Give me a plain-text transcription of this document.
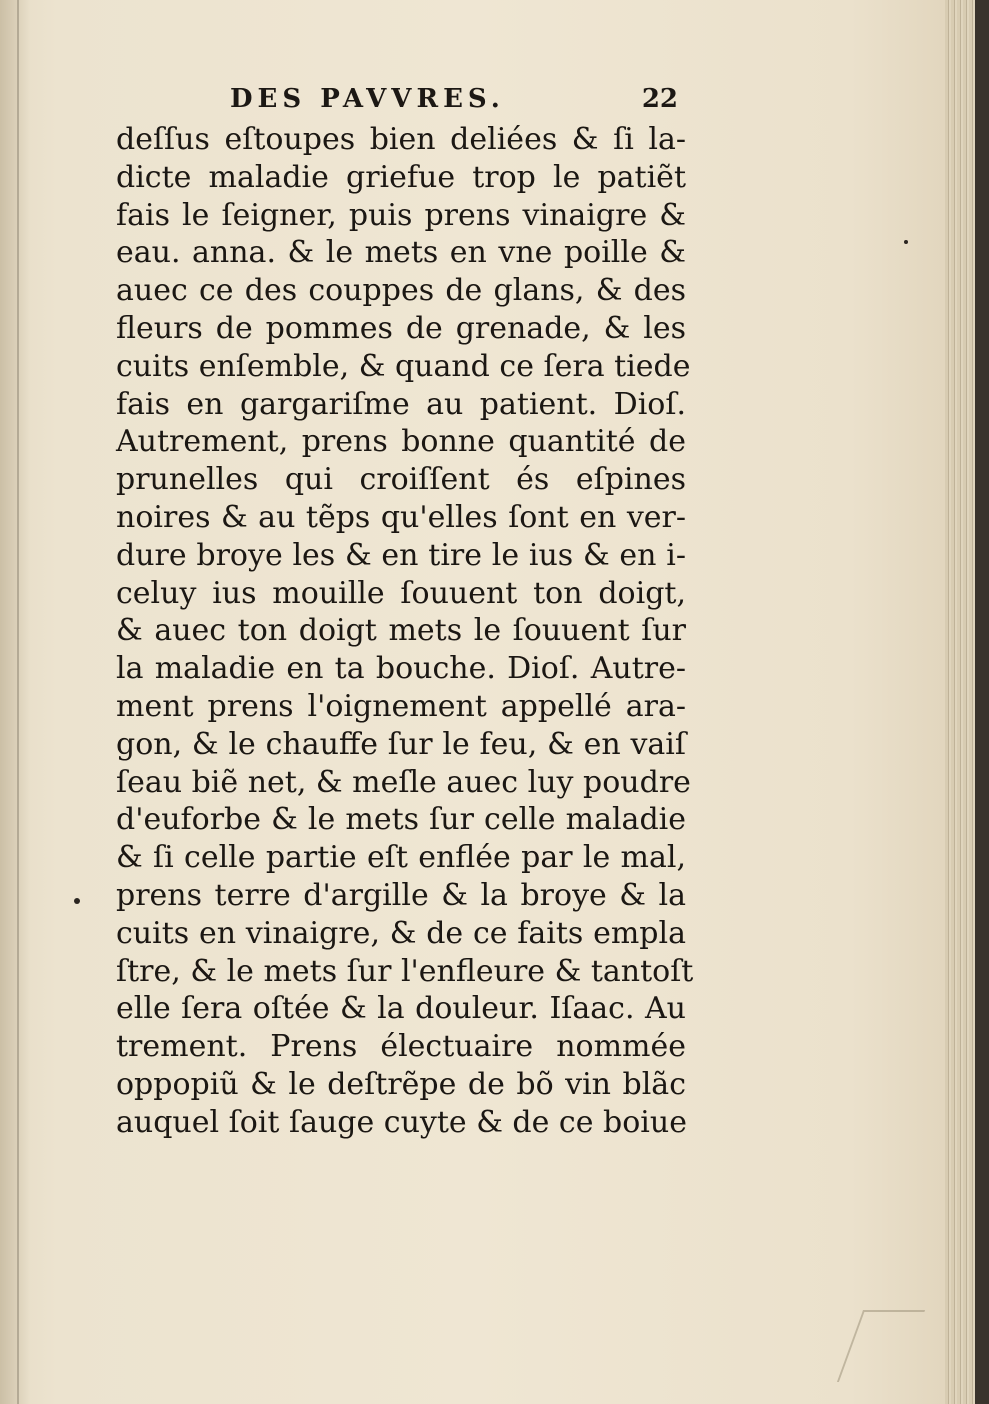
DES PAVVRES.	22
deſſus eſtoupes bien deliées & ſi la-
dicte maladie griefue trop le patiẽt
fais le ſeigner, puis prens vinaigre &
eau. anna. & le mets en vne poille &
auec ce des couppes de glans, & des
fleurs de pommes de grenade, & les
cuits enſemble, & quand ce ſera tiede
fais en gargariſme au patient. Dioſ.
Autrement, prens bonne quantité de
prunelles qui croiſſent és eſpines
noires & au tẽps qu'elles ſont en ver-
dure broye les & en tire le ius & en i-
celuy ius mouille ſouuent ton doigt,
& auec ton doigt mets le ſouuent ſur
la maladie en ta bouche. Dioſ. Autre-
ment prens l'oignement appellé ara-
gon, & le chauffe ſur le feu, & en vaiſ
ſeau biẽ net, & meſle auec luy poudre
d'euforbe & le mets ſur celle maladie
& ſi celle partie eſt enflée par le mal,
prens terre d'argille & la broye & la
cuits en vinaigre, & de ce faits empla
ſtre, & le mets ſur l'enfleure & tantoſt
elle ſera oſtée & la douleur. Iſaac. Au
trement. Prens électuaire nommée
oppopiũ & le deſtrẽpe de bõ vin blãc
auquel ſoit ſauge cuyte & de ce boiue
